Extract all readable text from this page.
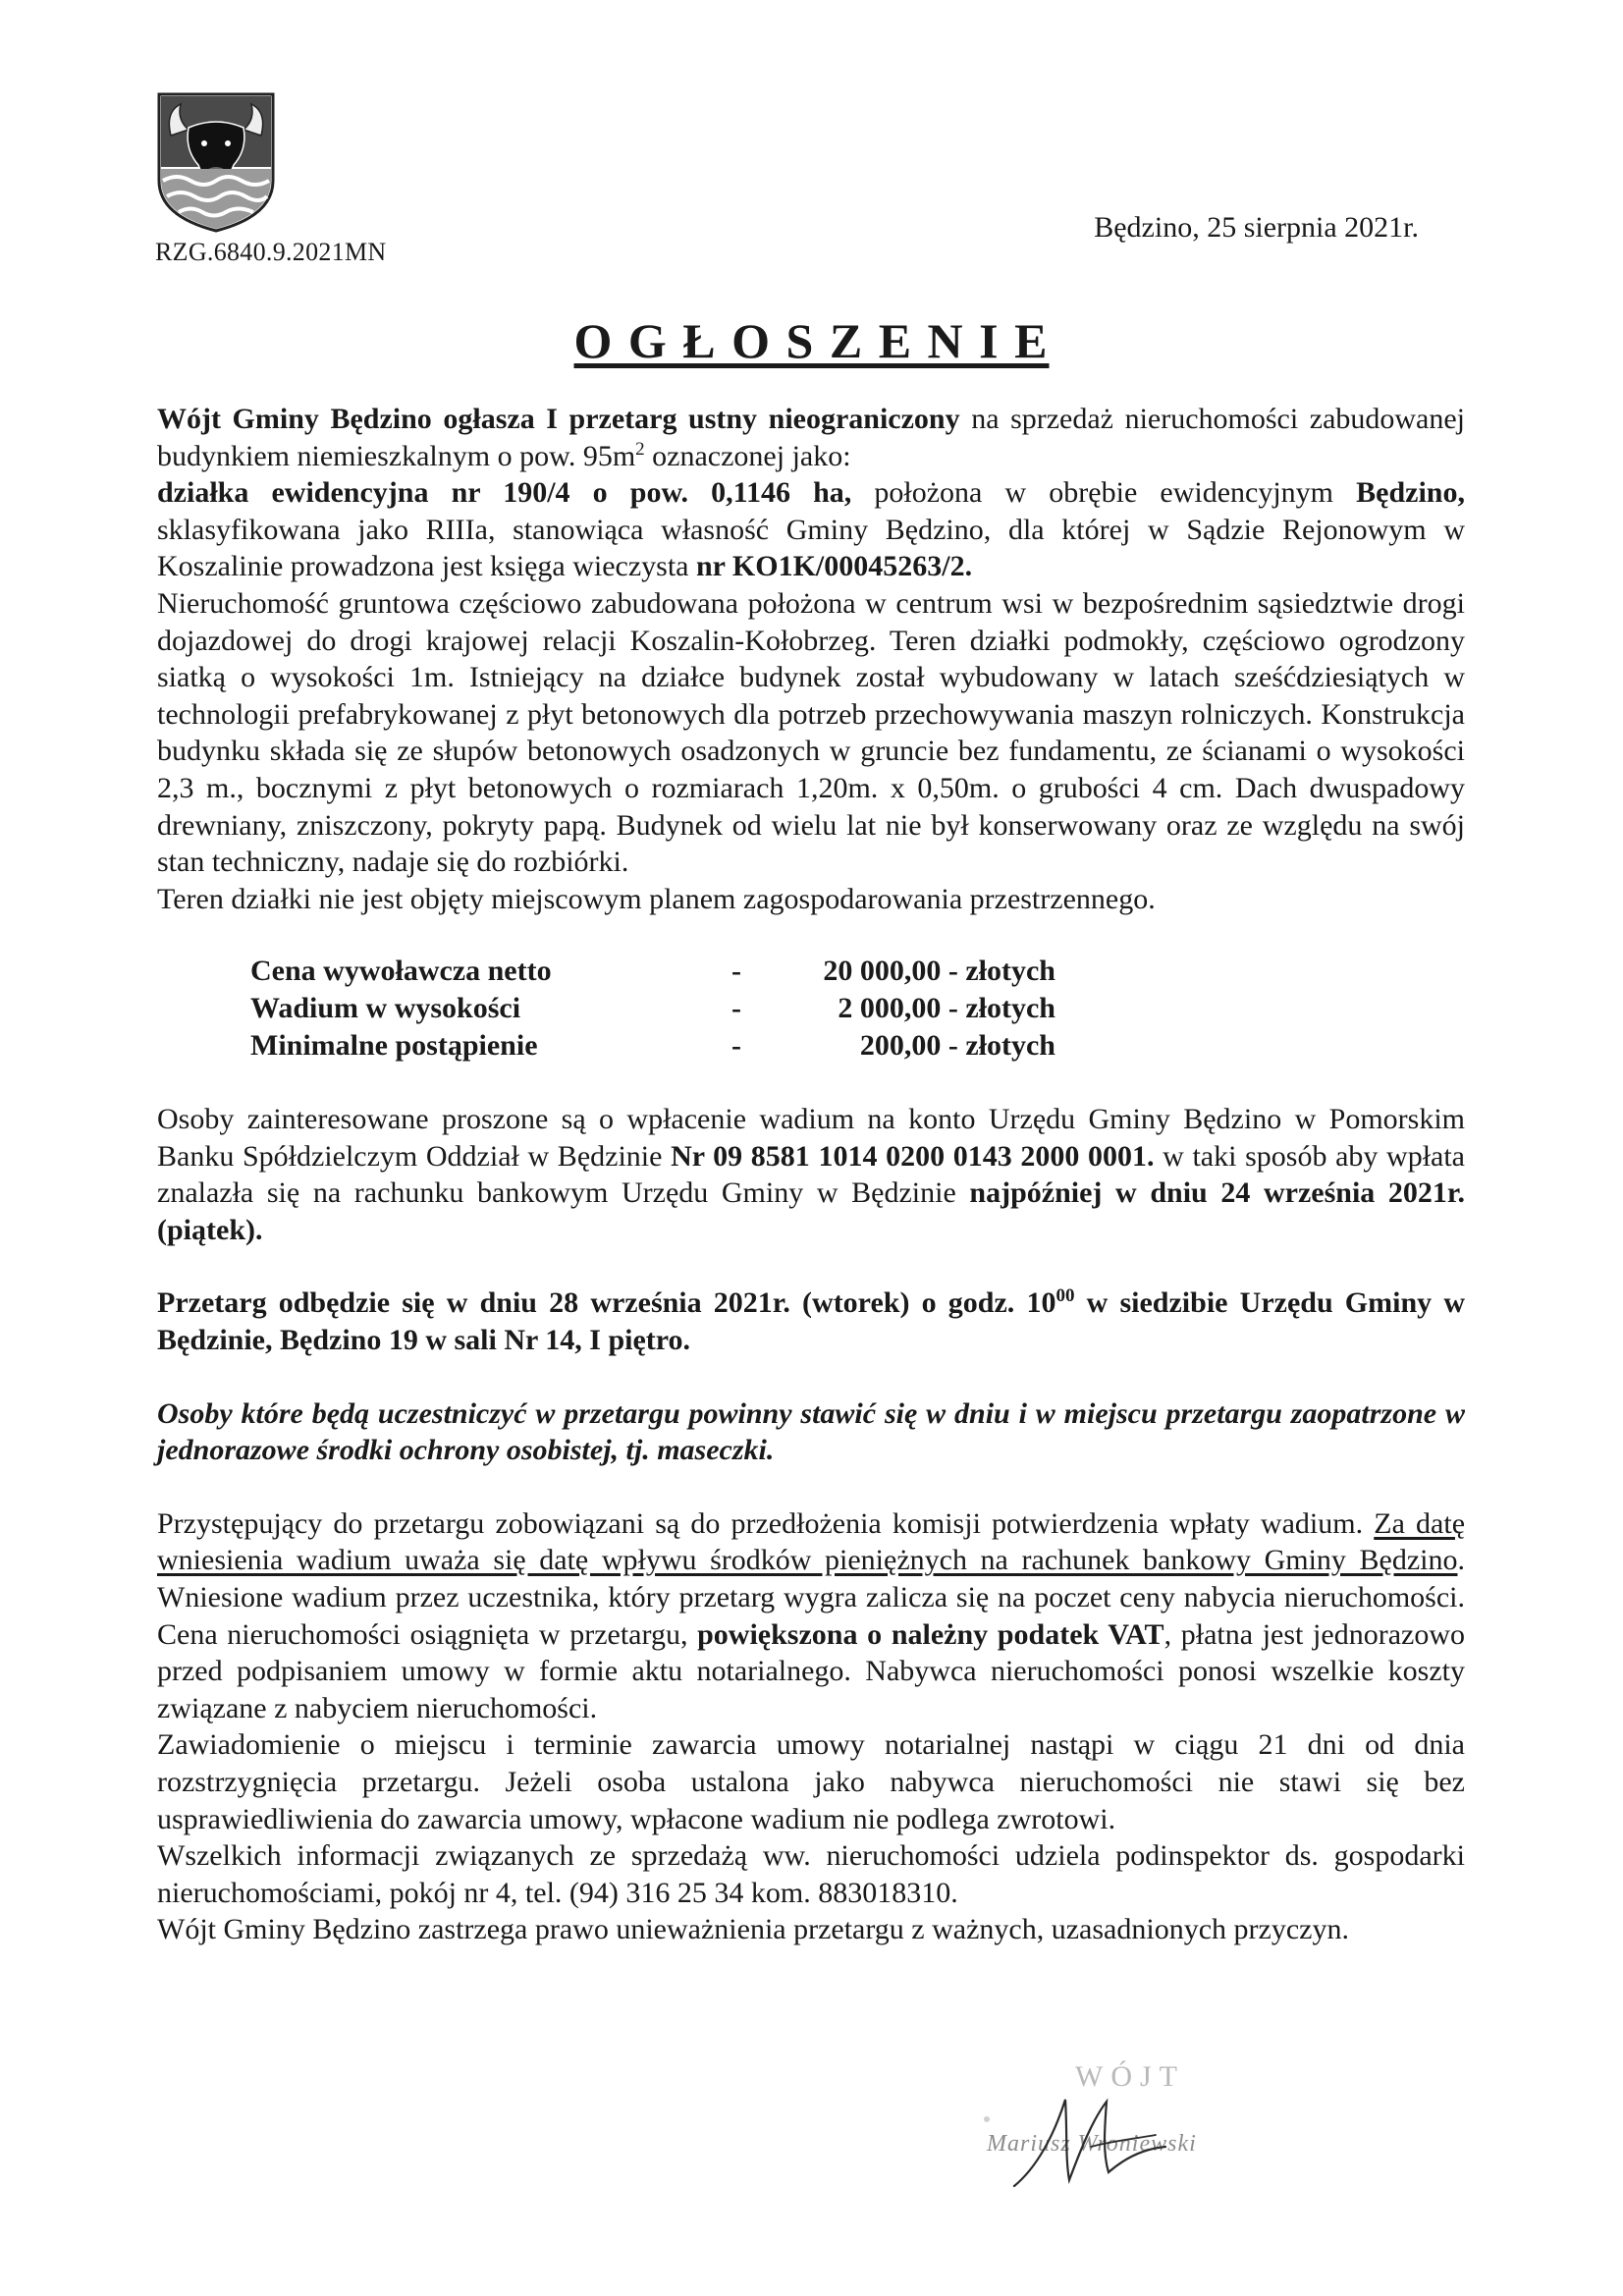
RZG.6840.9.2021MN
Będzino, 25 sierpnia 2021r.
O G Ł O S Z E N I E

Wójt Gminy Będzino ogłasza I przetarg ustny nieograniczony na sprzedaż nieruchomości zabudowanej budynkiem niemieszkalnym o pow. $95m^2$ oznaczonej jako:
działka ewidencyjna nr 190/4 o pow. 0,1146 ha, położona w obrębie ewidencyjnym Będzino, sklasyfikowana jako RIIIa, stanowiąca własność Gminy Będzino, dla której w Sądzie Rejonowym w Koszalinie prowadzona jest księga wieczysta nr KO1K/00045263/2.

Nieruchomość gruntowa częściowo zabudowana położona w centrum wsi w bezpośrednim sąsiedztwie drogi dojazdowej do drogi krajowej relacji Koszalin-Kołobrzeg. Teren działki podmokły, częściowo ogrodzony siatką o wysokości 1m. Istniejący na działce budynek został wybudowany w latach sześćdziesiątych w technologii prefabrykowanej z płyt betonowych dla potrzeb przechowywania maszyn rolniczych. Konstrukcja budynku składa się ze słupów betonowych osadzonych w gruncie bez fundamentu, ze ścianami o wysokości 2,3 m., bocznymi z płyt betonowych o rozmiarach 1,20m. x 0,50m. o grubości 4 cm. Dach dwuspadowy drewniany, zniszczony, pokryty papą. Budynek od wielu lat nie był konserwowany oraz ze względu na swój stan techniczny, nadaje się do rozbiórki.

Teren działki nie jest objęty miejscowym planem zagospodarowania przestrzennego.

Cena wywoławcza netto	-	20 000,00 - złotych
Wadium w wysokości	-	2 000,00 - złotych
Minimalne postąpienie	-	200,00 - złotych

Osoby zainteresowane proszone są o wpłacenie wadium na konto Urzędu Gminy Będzino w Pomorskim Banku Spółdzielczym Oddział w Będzinie Nr 09 8581 1014 0200 0143 2000 0001. w taki sposób aby wpłata znalazła się na rachunku bankowym Urzędu Gminy w Będzinie najpóźniej w dniu 24 września 2021r. (piątek).

Przetarg odbędzie się w dniu 28 września 2021r. (wtorek) o godz. $10^{00}$ w siedzibie Urzędu Gminy w Będzinie, Będzino 19 w sali Nr 14, I piętro.

Osoby które będą uczestniczyć w przetargu powinny stawić się w dniu i w miejscu przetargu zaopatrzone w jednorazowe środki ochrony osobistej, tj. maseczki.

Przystępujący do przetargu zobowiązani są do przedłożenia komisji potwierdzenia wpłaty wadium. Za datę wniesienia wadium uważa się datę wpływu środków pieniężnych na rachunek bankowy Gminy Będzino. Wniesione wadium przez uczestnika, który przetarg wygra zalicza się na poczet ceny nabycia nieruchomości. Cena nieruchomości osiągnięta w przetargu, powiększona o należny podatek VAT, płatna jest jednorazowo przed podpisaniem umowy w formie aktu notarialnego. Nabywca nieruchomości ponosi wszelkie koszty związane z nabyciem nieruchomości.

Zawiadomienie o miejscu i terminie zawarcia umowy notarialnej nastąpi w ciągu 21 dni od dnia rozstrzygnięcia przetargu. Jeżeli osoba ustalona jako nabywca nieruchomości nie stawi się bez usprawiedliwienia do zawarcia umowy, wpłacone wadium nie podlega zwrotowi.

Wszelkich informacji związanych ze sprzedażą ww. nieruchomości udziela podinspektor ds. gospodarki nieruchomościami, pokój nr 4, tel. (94) 316 25 34 kom. 883018310.

Wójt Gminy Będzino zastrzega prawo unieważnienia przetargu z ważnych, uzasadnionych przyczyn.

WÓJT
Mariusz Wroniewski
